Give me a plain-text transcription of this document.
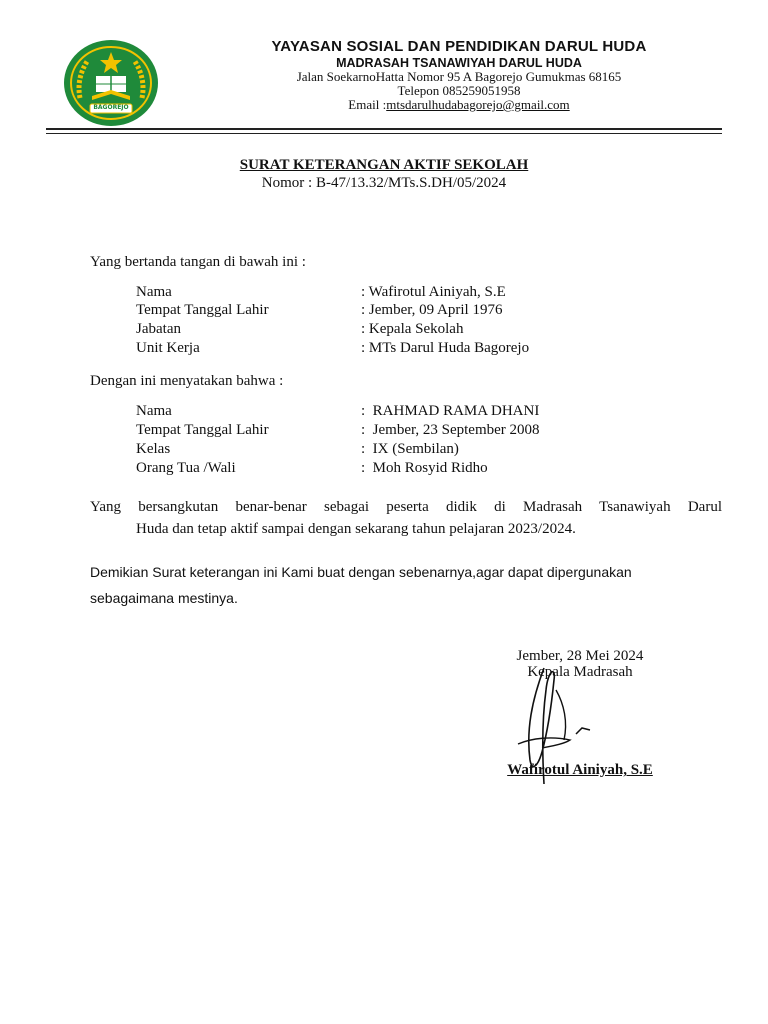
BAGOREJO
YAYASAN SOSIAL DAN PENDIDIKAN DARUL HUDA
MADRASAH TSANAWIYAH DARUL HUDA
Jalan SoekarnoHatta Nomor 95 A Bagorejo Gumukmas 68165
Telepon 085259051958
Email :mtsdarulhudabagorejo@gmail.com
SURAT KETERANGAN AKTIF SEKOLAH
Nomor : B-47/13.32/MTs.S.DH/05/2024
Yang bertanda tangan di bawah ini :
Nama	: Wafirotul Ainiyah, S.E
Tempat Tanggal Lahir	: Jember, 09 April 1976
Jabatan	: Kepala Sekolah
Unit Kerja	: MTs Darul Huda Bagorejo
Dengan ini menyatakan bahwa :
Nama	:  RAHMAD RAMA DHANI
Tempat Tanggal Lahir	:  Jember, 23 September 2008
Kelas	:  IX (Sembilan)
Orang Tua /Wali	:  Moh Rosyid Ridho
Yang bersangkutan benar-benar sebagai peserta didik di Madrasah Tsanawiyah Darul
Huda dan tetap aktif sampai dengan sekarang tahun pelajaran 2023/2024.
Demikian Surat keterangan ini Kami buat dengan sebenarnya,agar dapat dipergunakan
sebagaimana mestinya.
Jember, 28 Mei 2024
Kepala Madrasah
Wafirotul Ainiyah, S.E
